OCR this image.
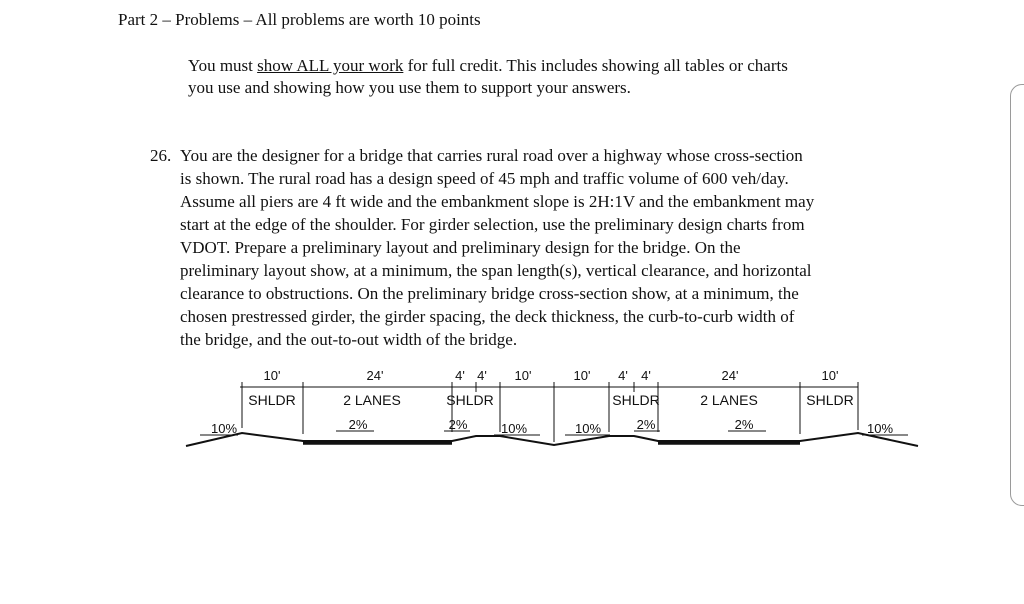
Part 2 – Problems – All problems are worth 10 points
You must show ALL your work for full credit. This includes showing all tables or charts
you use and showing how you use them to support your answers.
26. You are the designer for a bridge that carries rural road over a highway whose cross-section
is shown. The rural road has a design speed of 45 mph and traffic volume of 600 veh/day.
Assume all piers are 4 ft wide and the embankment slope is 2H:1V and the embankment may
start at the edge of the shoulder. For girder selection, use the preliminary design charts from
VDOT. Prepare a preliminary layout and preliminary design for the bridge. On the
preliminary layout show, at a minimum, the span length(s), vertical clearance, and horizontal
clearance to obstructions. On the preliminary bridge cross-section show, at a minimum, the
chosen prestressed girder, the girder spacing, the deck thickness, the curb-to-curb width of
the bridge, and the out-to-out width of the bridge.
10'	24'	4' 4' 10'	10' 4' 4'	24'	10'
SHLDR	2 LANES	SHLDR	SHLDR	2 LANES	SHLDR
10%	2%	2%	10%	10%	2%	2%	10%
